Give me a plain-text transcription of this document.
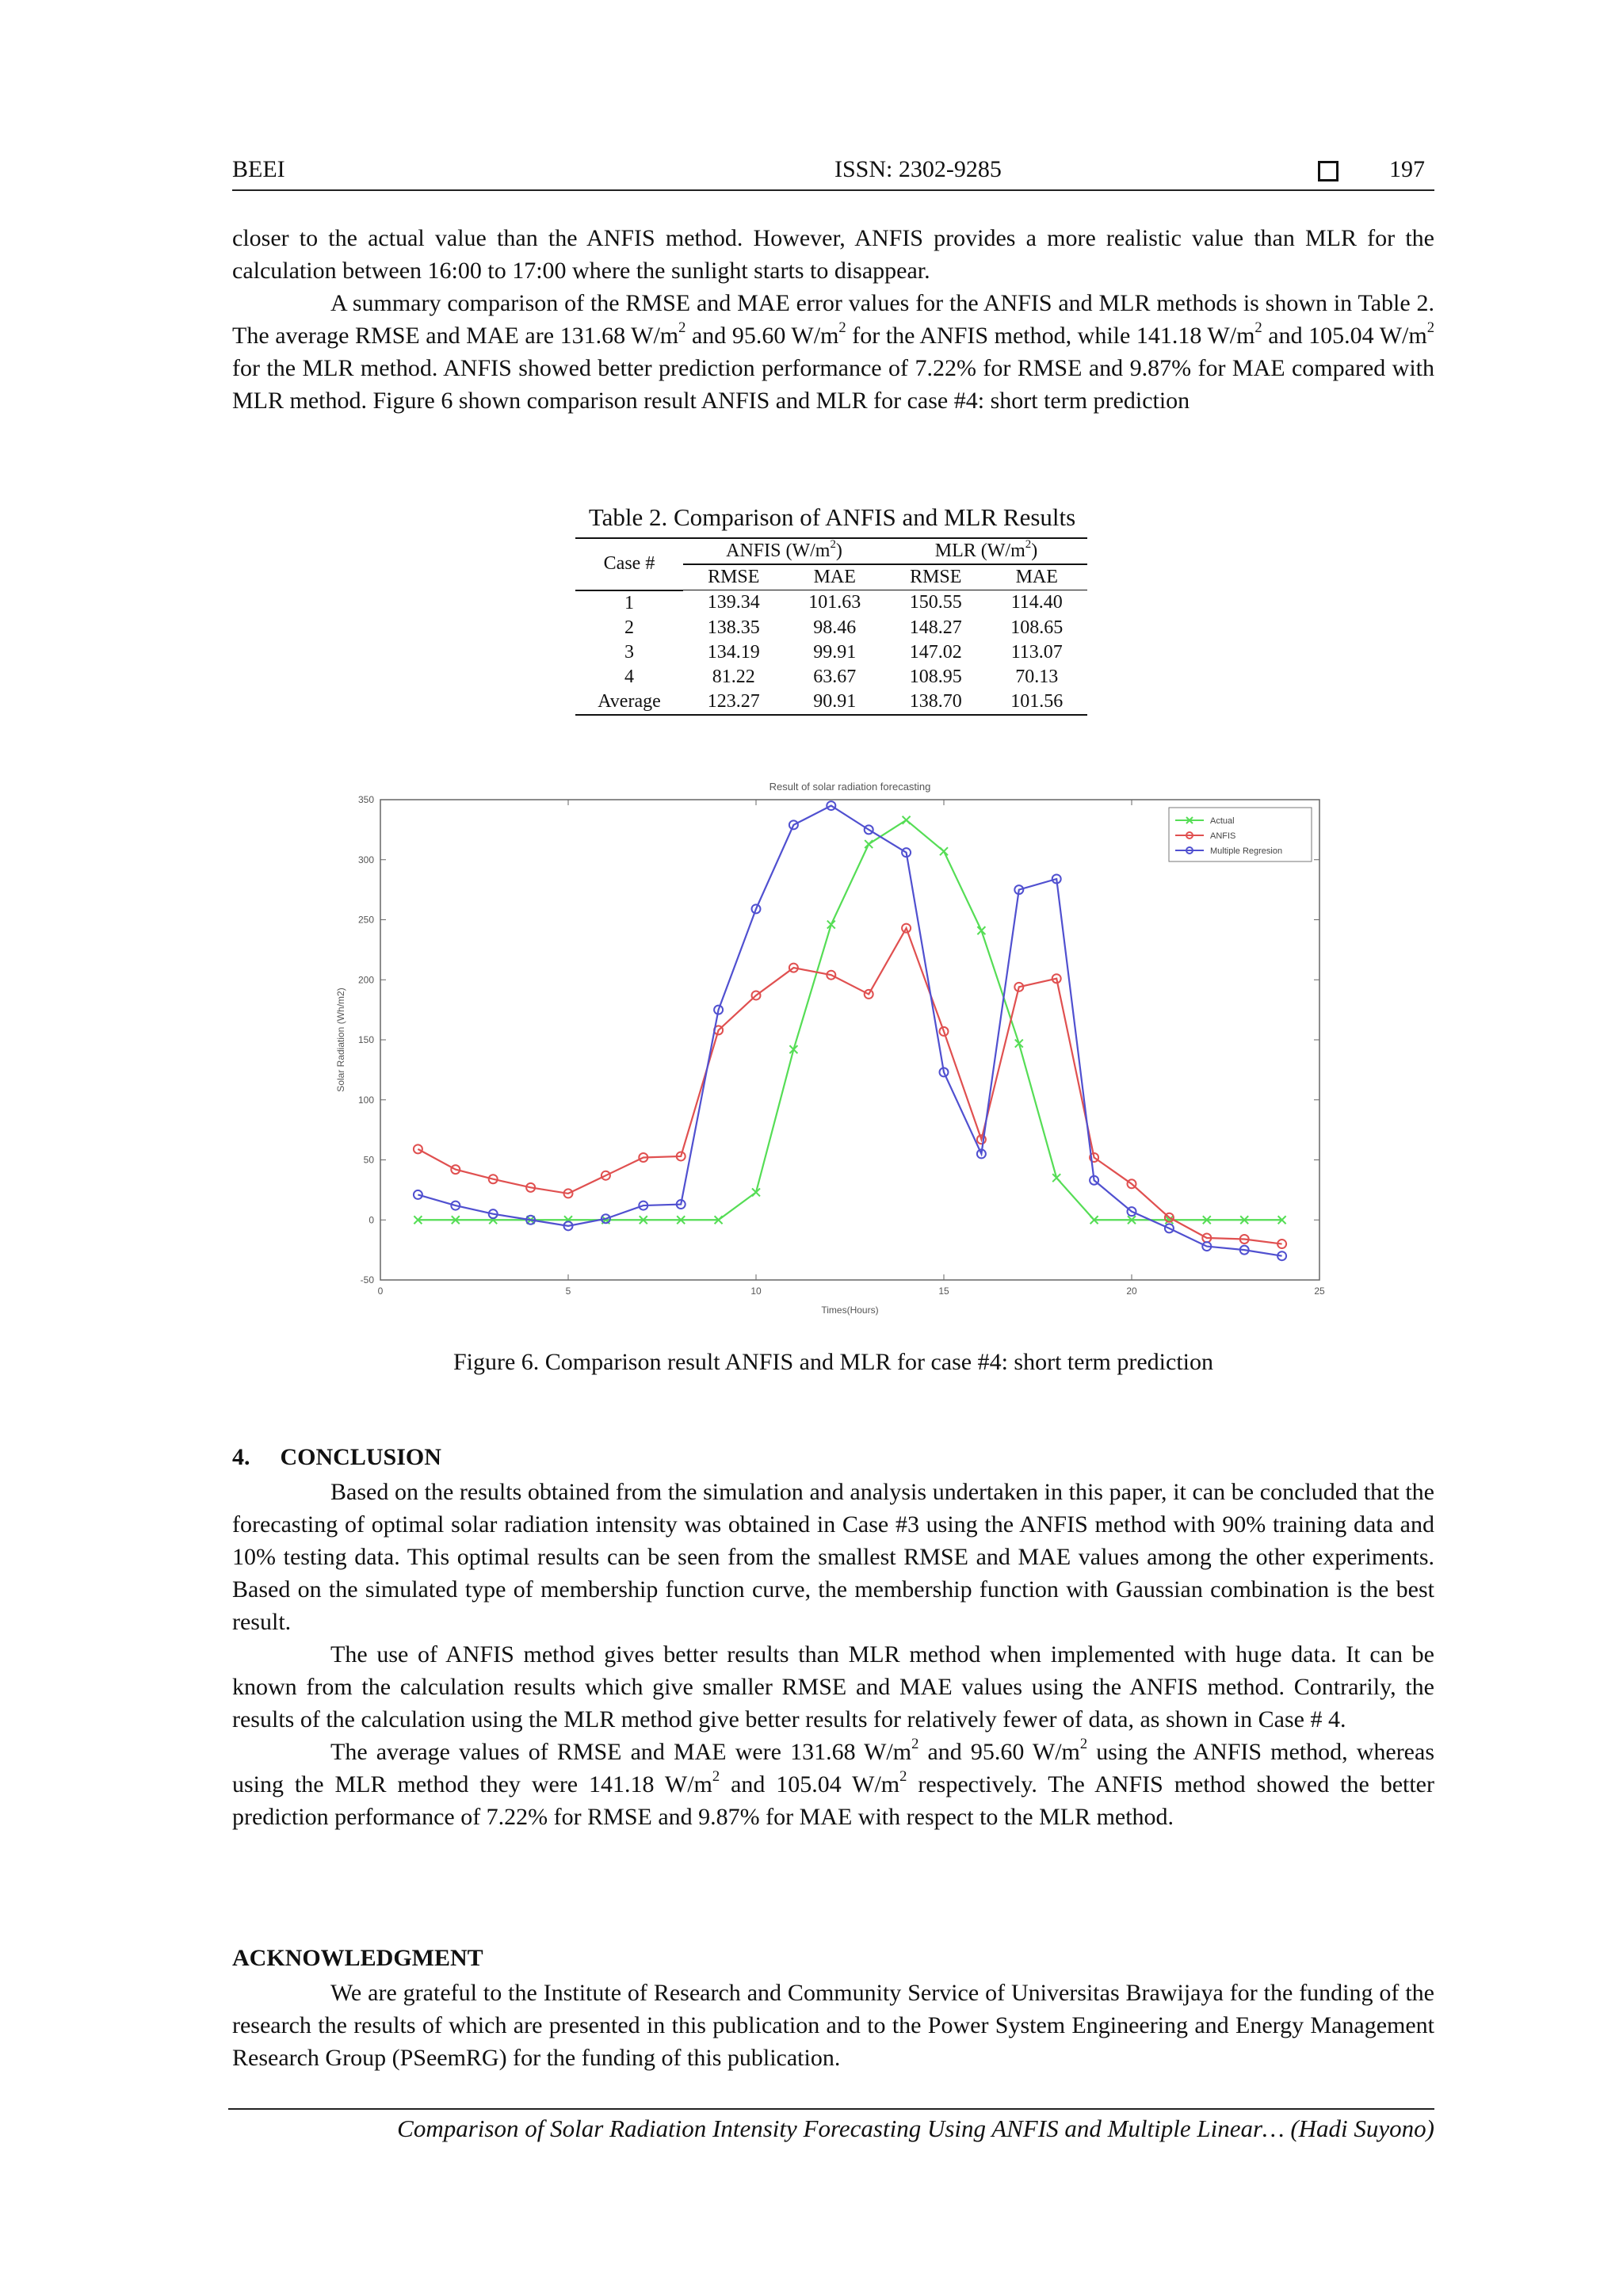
BEEI	ISSN: 2302-9285	197

closer to the actual value than the ANFIS method. However, ANFIS provides a more realistic value than MLR for the calculation between 16:00 to 17:00 where the sunlight starts to disappear.

A summary comparison of the RMSE and MAE error values for the ANFIS and MLR methods is shown in Table 2. The average RMSE and MAE are 131.68 $W/m^2$ and 95.60 $W/m^2$ for the ANFIS method, while 141.18 $W/m^2$ and 105.04 $W/m^2$ for the MLR method. ANFIS showed better prediction performance of 7.22% for RMSE and 9.87% for MAE compared with MLR method. Figure 6 shown comparison result ANFIS and MLR for case #4: short term prediction

Table 2. Comparison of ANFIS and MLR Results
Case #	ANFIS $(W/m^2)$		MLR $(W/m^2)$	
	RMSE	MAE	RMSE	MAE
1	139.34	101.63	150.55	114.40
2	138.35	98.46	148.27	108.65
3	134.19	99.91	147.02	113.07
4	81.22	63.67	108.95	70.13
Average	123.27	90.91	138.70	101.56
Result of solar radiation forecasting
0	5	10	15	20	25
-50
0
50
100
150
200
250
300
350
Times(Hours)
Solar Radiation (Wh/m2)
Actual
ANFIS
Multiple Regresion
Figure 6. Comparison result ANFIS and MLR for case #4: short term prediction
4. CONCLUSION

Based on the results obtained from the simulation and analysis undertaken in this paper, it can be concluded that the forecasting of optimal solar radiation intensity was obtained in Case #3 using the ANFIS method with 90% training data and 10% testing data. This optimal results can be seen from the smallest RMSE and MAE values among the other experiments. Based on the simulated type of membership function curve, the membership function with Gaussian combination is the best result.

The use of ANFIS method gives better results than MLR method when implemented with huge data. It can be known from the calculation results which give smaller RMSE and MAE values using the ANFIS method. Contrarily, the results of the calculation using the MLR method give better results for relatively fewer of data, as shown in Case # 4.

The average values of RMSE and MAE were 131.68 $W/m^2$ and 95.60 $W/m^2$ using the ANFIS method, whereas using the MLR method they were 141.18 $W/m^2$ and 105.04 $W/m^2$ respectively. The ANFIS method showed the better prediction performance of 7.22% for RMSE and 9.87% for MAE with respect to the MLR method.

ACKNOWLEDGMENT

We are grateful to the Institute of Research and Community Service of Universitas Brawijaya for the funding of the research the results of which are presented in this publication and to the Power System Engineering and Energy Management Research Group (PSeemRG) for the funding of this publication.

Comparison of Solar Radiation Intensity Forecasting Using ANFIS and Multiple Linear… (Hadi Suyono)
